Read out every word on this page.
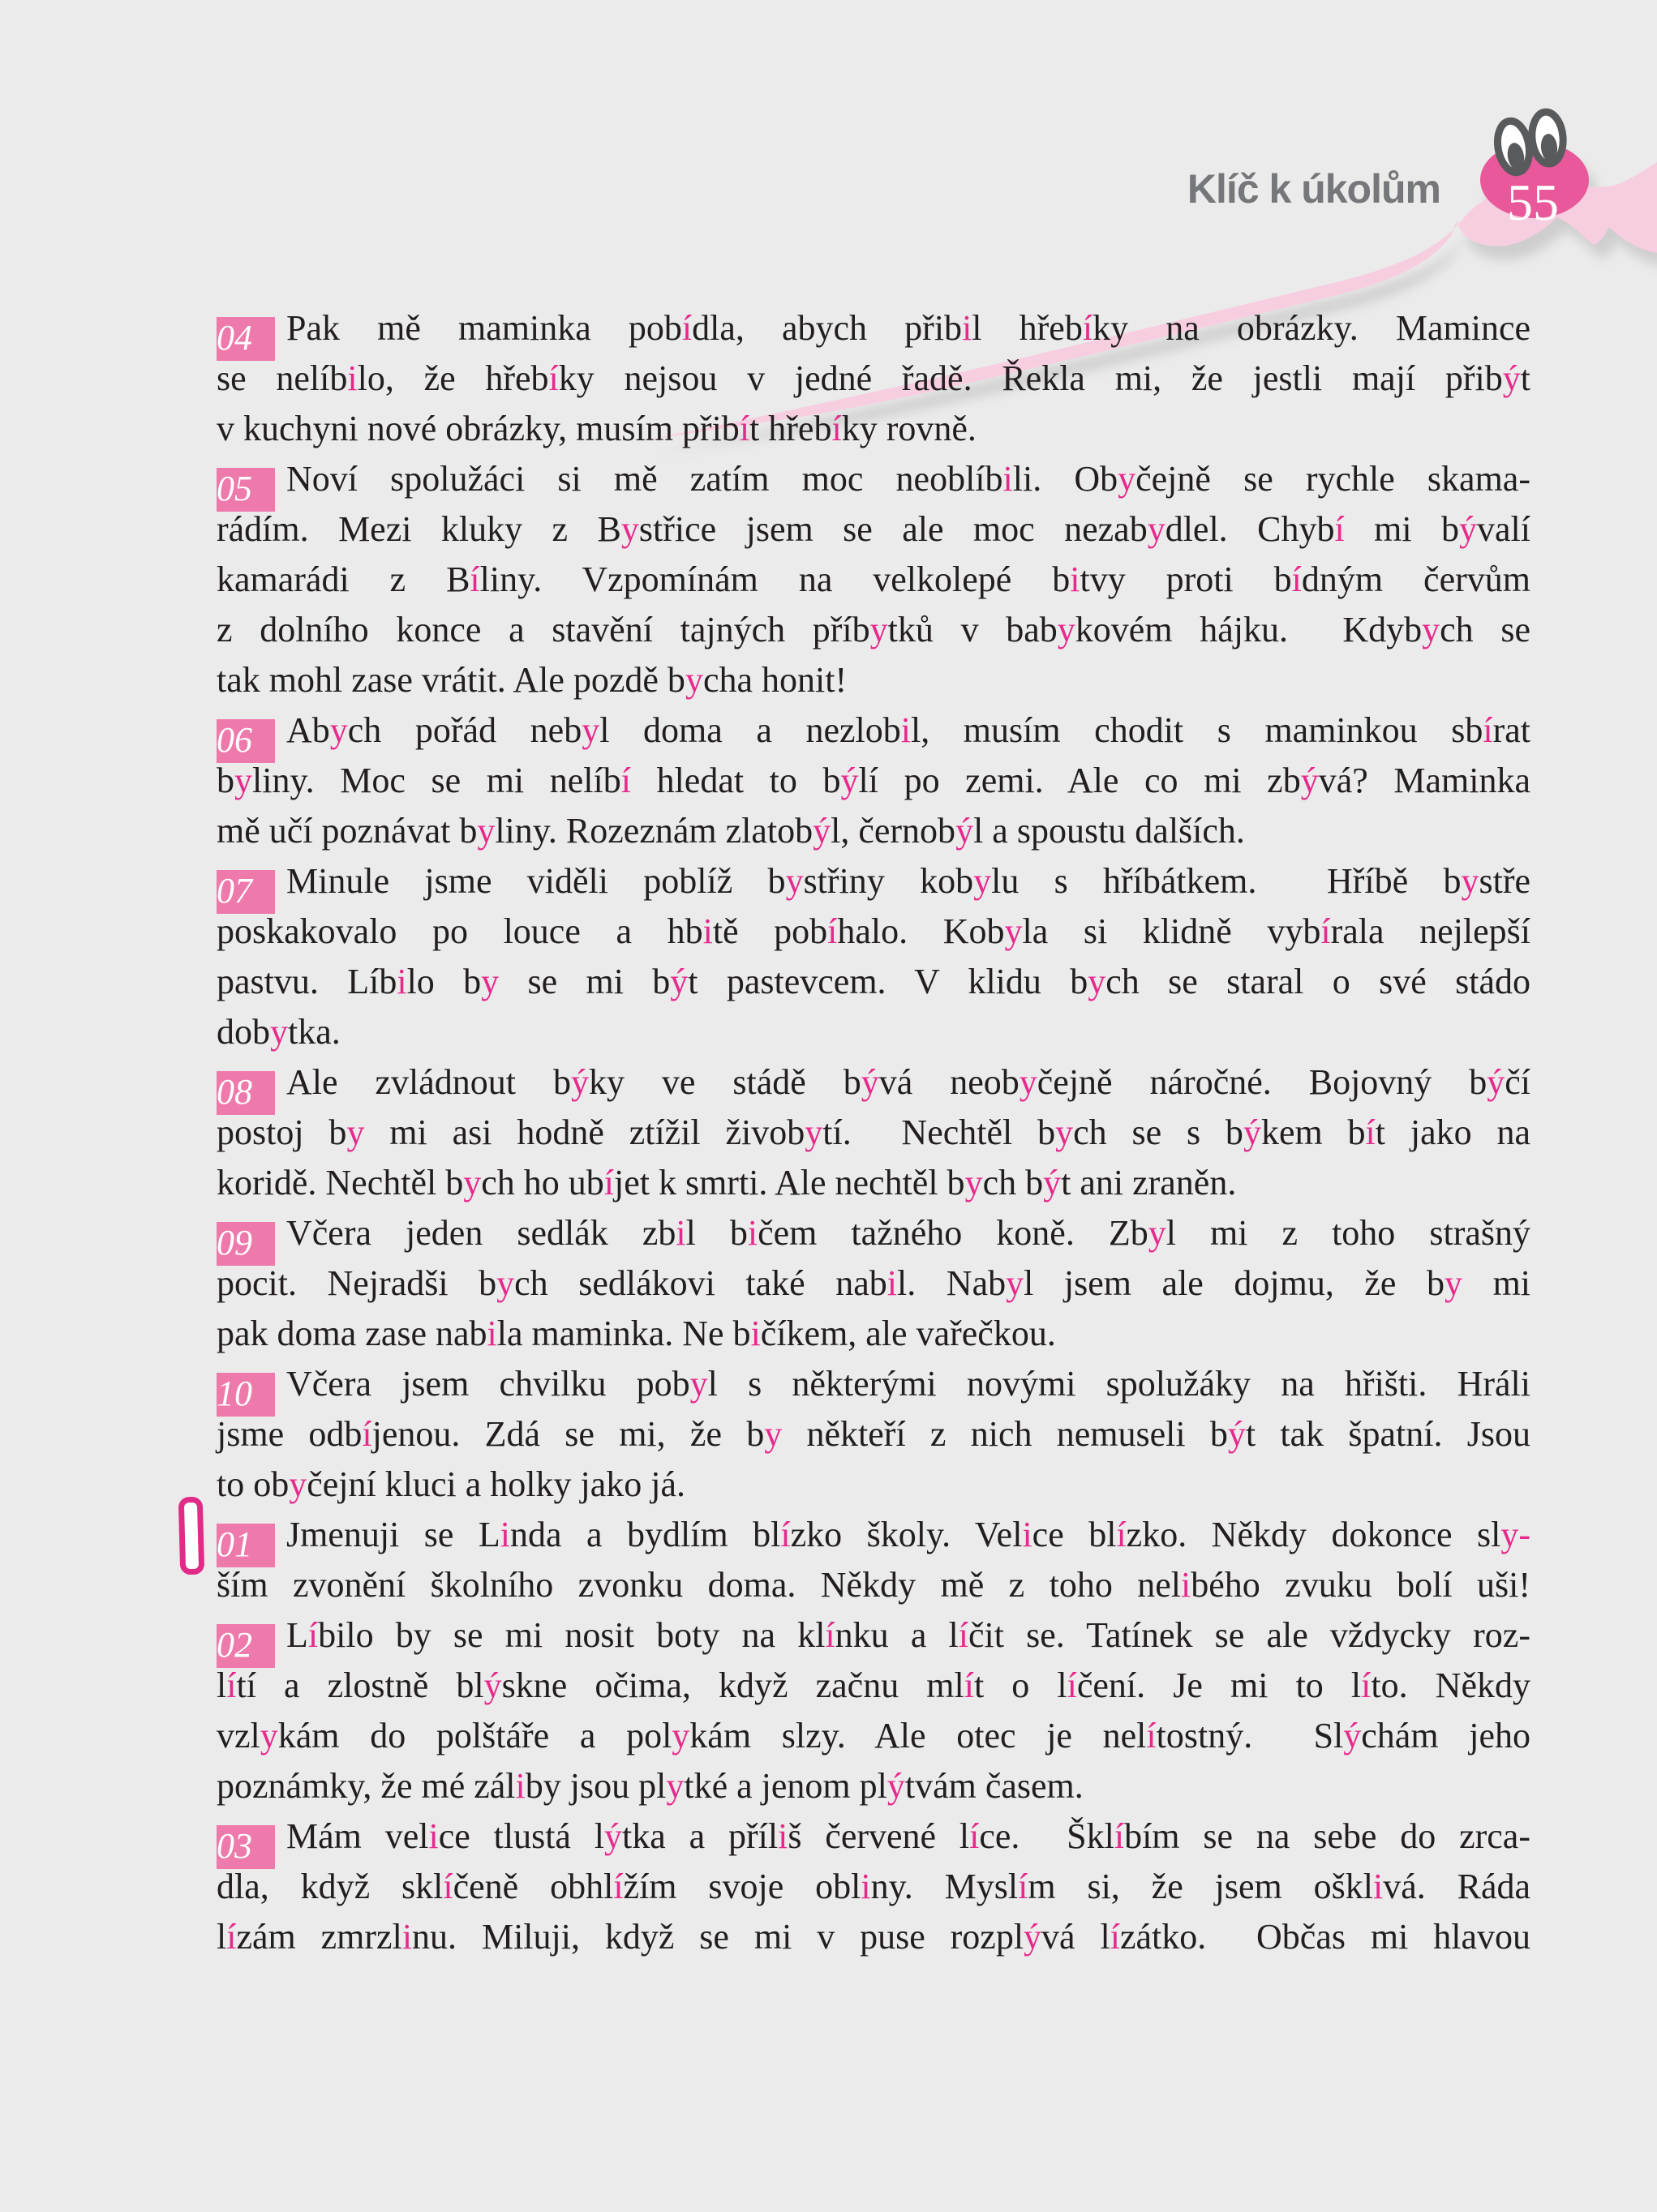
55
Klíč k úkolům
04 Pak mě maminka pobídla, abych přibil hřebíky na obrázky. Mamince
se nelíbilo, že hřebíky nejsou v jedné řadě. Řekla mi, že jestli mají přibýt
v kuchyni nové obrázky, musím přibít hřebíky rovně.
05 Noví spolužáci si mě zatím moc neoblíbili. Obyčejně se rychle skama-
rádím. Mezi kluky z Bystřice jsem se ale moc nezabydlel. Chybí mi bývalí
kamarádi z Bíliny. Vzpomínám na velkolepé bitvy proti bídným červům
z dolního konce a stavění tajných příbytků v babykovém hájku.  Kdybych se
tak mohl zase vrátit. Ale pozdě bycha honit!
06 Abych pořád nebyl doma a nezlobil, musím chodit s maminkou sbírat
byliny. Moc se mi nelíbí hledat to býlí po zemi. Ale co mi zbývá? Maminka
mě učí poznávat byliny. Rozeznám zlatobýl, černobýl a spoustu dalších.
07 Minule jsme viděli poblíž bystřiny kobylu s hříbátkem.  Hříbě bystře
poskakovalo po louce a hbitě pobíhalo. Kobyla si klidně vybírala nejlepší
pastvu. Líbilo by se mi být pastevcem. V klidu bych se staral o své stádo
dobytka.
08 Ale zvládnout býky ve stádě bývá neobyčejně náročné. Bojovný býčí
postoj by mi asi hodně ztížil živobytí.  Nechtěl bych se s býkem bít jako na
koridě. Nechtěl bych ho ubíjet k smrti. Ale nechtěl bych být ani zraněn.
09 Včera jeden sedlák zbil bičem tažného koně. Zbyl mi z toho strašný
pocit. Nejradši bych sedlákovi také nabil. Nabyl jsem ale dojmu, že by mi
pak doma zase nabila maminka. Ne bičíkem, ale vařečkou.
10 Včera jsem chvilku pobyl s některými novými spolužáky na hřišti. Hráli
jsme odbíjenou. Zdá se mi, že by někteří z nich nemuseli být tak špatní. Jsou
to obyčejní kluci a holky jako já.
01 Jmenuji se Linda a bydlím blízko školy. Velice blízko. Někdy dokonce sly-
ším zvonění školního zvonku doma. Někdy mě z toho nelibého zvuku bolí uši!
02 Líbilo by se mi nosit boty na klínku a líčit se. Tatínek se ale vždycky roz-
lítí a zlostně blýskne očima, když začnu mlít o líčení. Je mi to líto. Někdy
vzlykám do polštáře a polykám slzy. Ale otec je nelítostný.  Slýchám jeho
poznámky, že mé záliby jsou plytké a jenom plýtvám časem.
03 Mám velice tlustá lýtka a příliš červené líce.  Šklíbím se na sebe do zrca-
dla, když sklíčeně obhlížím svoje obliny. Myslím si, že jsem ošklivá. Ráda
lízám zmrzlinu. Miluji, když se mi v puse rozplývá lízátko.  Občas mi hlavou
